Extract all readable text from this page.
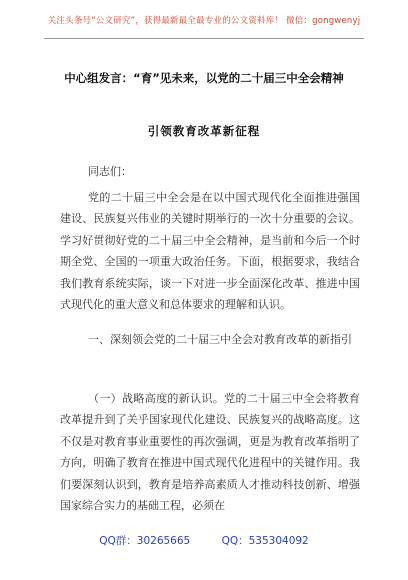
关注头条号“公文研究”，获得最新最全最专业的公文资料库！ 微信：gongwenyj
中心组发言：“育”见未来，以党的二十届三中全会精神
引领教育改革新征程
同志们：
党的二十届三中全会是在以中国式现代化全面推进强国建设、民族复兴伟业的关键时期举行的一次十分重要的会议。学习好贯彻好党的二十届三中全会精神，是当前和今后一个时期全党、全国的一项重大政治任务。下面，根据要求，我结合我们教育系统实际，谈一下对进一步全面深化改革、推进中国式现代化的重大意义和总体要求的理解和认识。
一、深刻领会党的二十届三中全会对教育改革的新指引
（一）战略高度的新认识。党的二十届三中全会将教育改革提升到了关乎国家现代化建设、民族复兴的战略高度。这不仅是对教育事业重要性的再次强调，更是为教育改革指明了方向，明确了教育在推进中国式现代化进程中的关键作用。我们要深刻认识到，教育是培养高素质人才推动科技创新、增强国家综合实力的基础工程，必须在
QQ群：30265665	QQ：535304092
